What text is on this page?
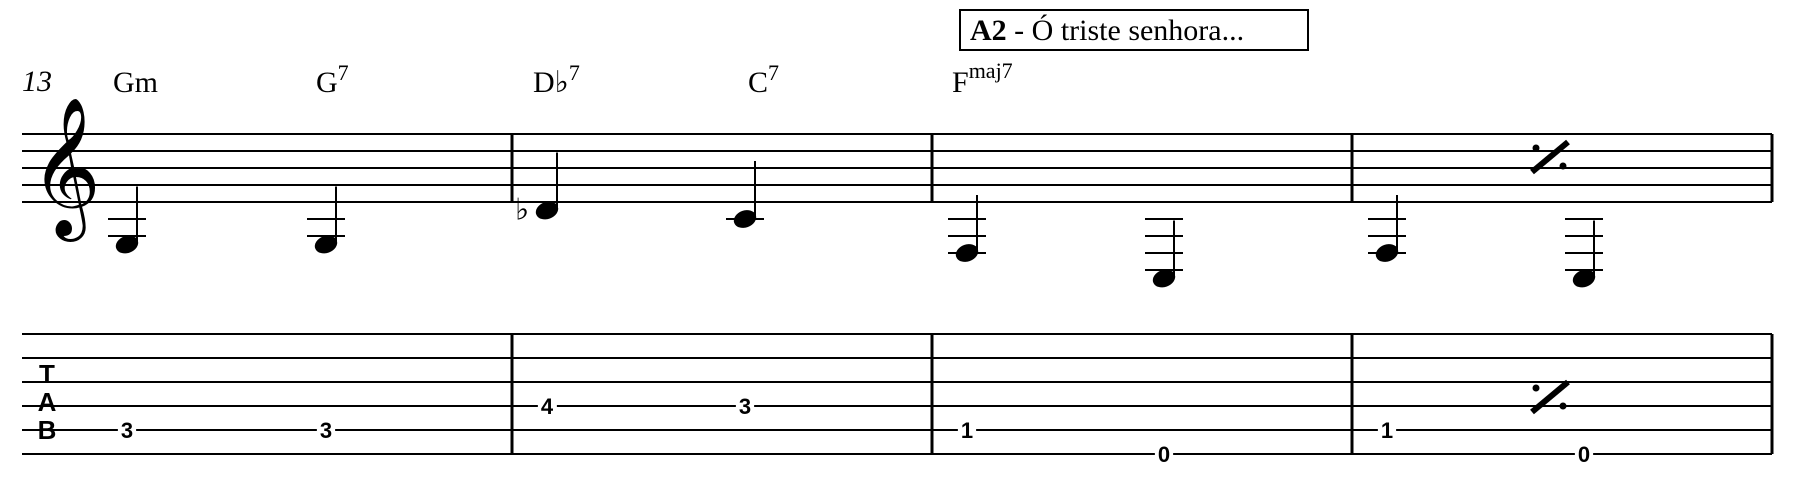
A2 - Ó triste senhora...
13 Gm	$G^7$	D♭$^7$	$C^7$	$F^{maj7}$
𝄞	♭
T
A
B	3	3
4	3
1
0
1
0
